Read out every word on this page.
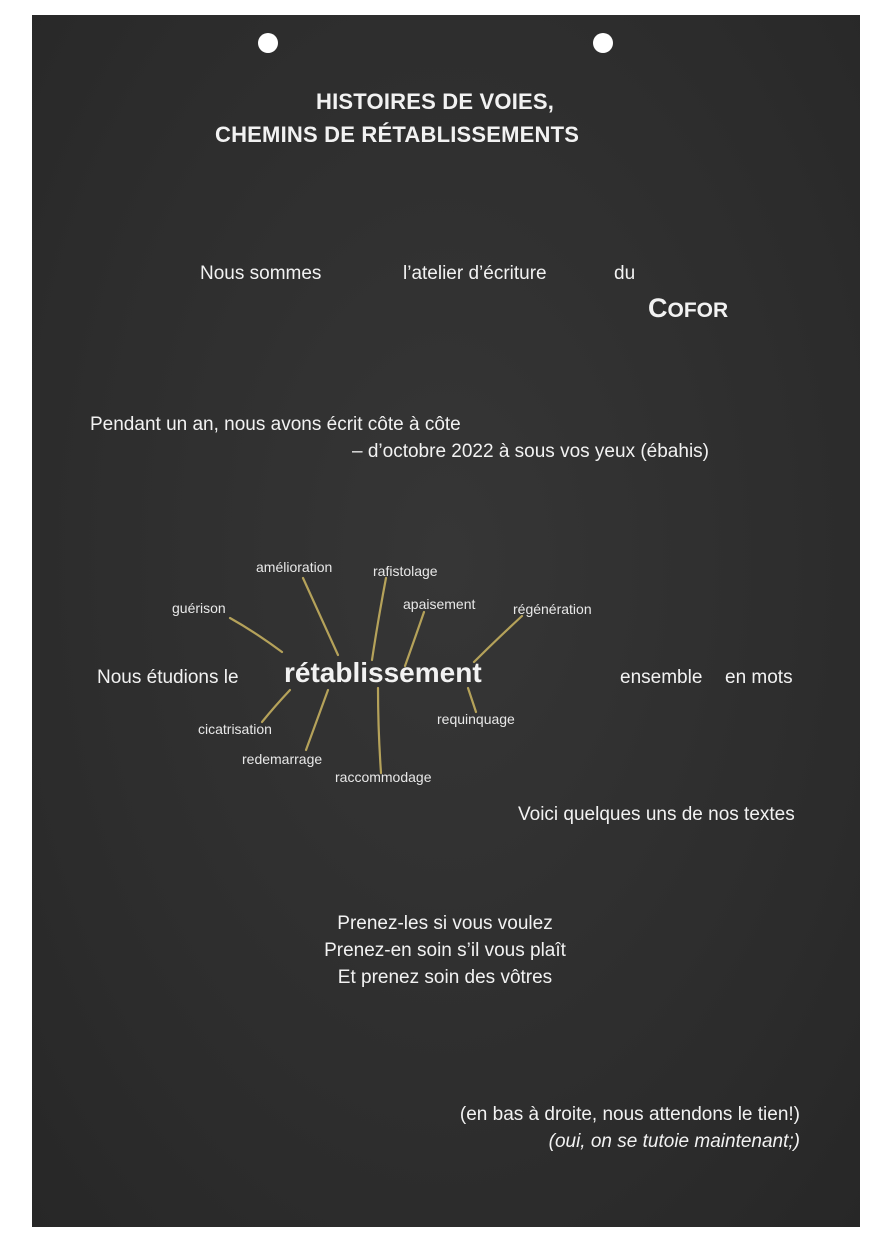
HISTOIRES DE VOIES,
CHEMINS DE RÉTABLISSEMENTS
Nous sommes	l’atelier d’écriture	du
COFOR
Pendant un an, nous avons écrit côte à côte
– d’octobre 2022 à sous vos yeux (ébahis)
amélioration	rafistolage
guérison	apaisement	régénération
cicatrisation
requinquage
redemarrage
raccommodage
Nous étudions le rétablissement	ensemble en mots
Voici quelques uns de nos textes
Prenez-les si vous voulez
Prenez-en soin s’il vous plaît
Et prenez soin des vôtres
(en bas à droite, nous attendons le tien!)
(oui, on se tutoie maintenant;)
